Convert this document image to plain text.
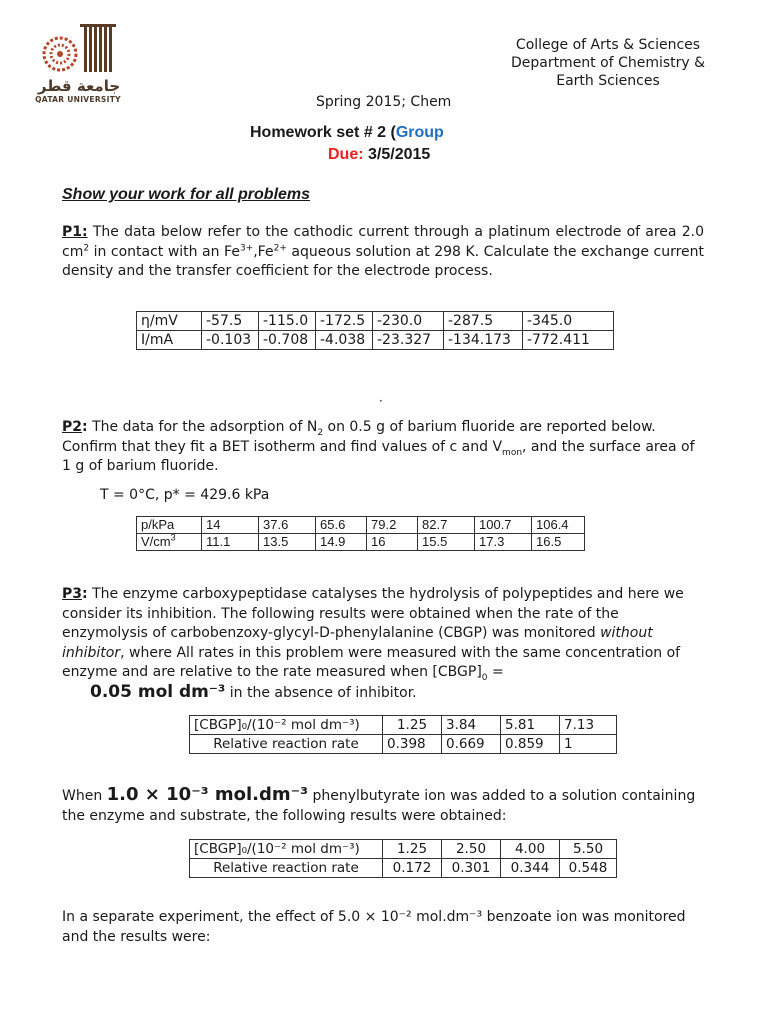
جامعة قطر
QATAR UNIVERSITY
College of Arts & Sciences
Department of Chemistry &
Earth Sciences
Spring 2015; Chem
Homework set # 2 (Group
Due: 3/5/2015
Show your work for all problems
P1: The data below refer to the cathodic current through a platinum electrode of area 2.0 $cm^2$ in contact with an $Fe^{3+},Fe^{2+}$ aqueous solution at 298 K. Calculate the exchange current density and the transfer coefficient for the electrode process.
η/mV	-57.5	-115.0	-172.5	-230.0	-287.5	-345.0
I/mA	-0.103	-0.708	-4.038	-23.327	-134.173	-772.411
·
P2: The data for the adsorption of $N_2$ on 0.5 g of barium fluoride are reported below. Confirm that they fit a BET isotherm and find values of c and $V_{mon}$, and the surface area of 1 g of barium fluoride.
T = 0°C, p* = 429.6 kPa
p/kPa	14	37.6	65.6	79.2	82.7	100.7	106.4
$V/cm^3$	11.1	13.5	14.9	16	15.5	17.3	16.5
P3: The enzyme carboxypeptidase catalyses the hydrolysis of polypeptides and here we consider its inhibition. The following results were obtained when the rate of the enzymolysis of carbobenzoxy-glycyl-D-phenylalanine (CBGP) was monitored without inhibitor, where All rates in this problem were measured with the same concentration of enzyme and are relative to the rate measured when $[CBGP]_0$ =
0.05 mol dm⁻³ in the absence of inhibitor.
[CBGP]₀/(10⁻² mol dm⁻³)	1.25	3.84	5.81	7.13
Relative reaction rate	0.398	0.669	0.859	1
When 1.0 × 10⁻³ mol.dm⁻³ phenylbutyrate ion was added to a solution containing the enzyme and substrate, the following results were obtained:
[CBGP]₀/(10⁻² mol dm⁻³)	1.25	2.50	4.00	5.50
Relative reaction rate	0.172	0.301	0.344	0.548
In a separate experiment, the effect of 5.0 × 10⁻² mol.dm⁻³ benzoate ion was monitored and the results were:
